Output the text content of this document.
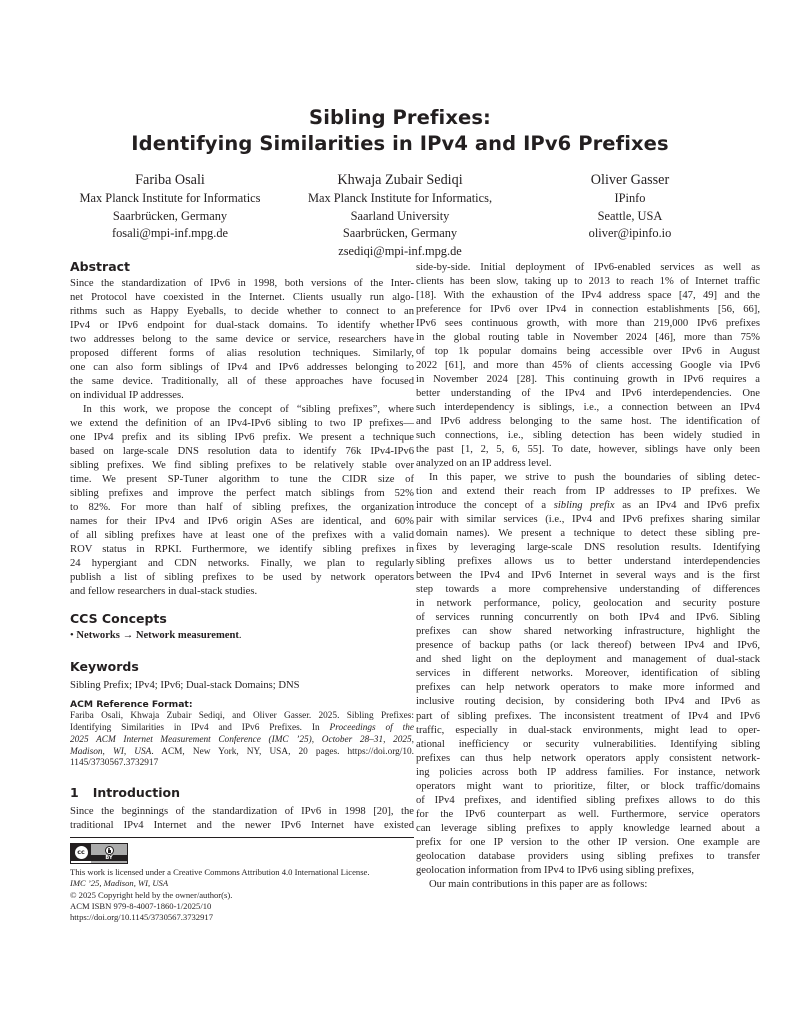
Sibling Prefixes:
Identifying Similarities in IPv4 and IPv6 Prefixes
Fariba Osali
Max Planck Institute for Informatics
Saarbrücken, Germany
fosali@mpi-inf.mpg.de
Khwaja Zubair Sediqi
Max Planck Institute for Informatics,
Saarland University
Saarbrücken, Germany
zsediqi@mpi-inf.mpg.de
Oliver Gasser
IPinfo
Seattle, USA
oliver@ipinfo.io
Abstract

Since the standardization of IPv6 in 1998, both versions of the Inter-
net Protocol have coexisted in the Internet. Clients usually run algo-
rithms such as Happy Eyeballs, to decide whether to connect to an
IPv4 or IPv6 endpoint for dual-stack domains. To identify whether
two addresses belong to the same device or service, researchers have
proposed different forms of alias resolution techniques. Similarly,
one can also form siblings of IPv4 and IPv6 addresses belonging to
the same device. Traditionally, all of these approaches have focused
on individual IP addresses.

In this work, we propose the concept of “sibling prefixes”, where
we extend the definition of an IPv4-IPv6 sibling to two IP prefixes—
one IPv4 prefix and its sibling IPv6 prefix. We present a technique
based on large-scale DNS resolution data to identify 76k IPv4-IPv6
sibling prefixes. We find sibling prefixes to be relatively stable over
time. We present SP-Tuner algorithm to tune the CIDR size of
sibling prefixes and improve the perfect match siblings from 52%
to 82%. For more than half of sibling prefixes, the organization
names for their IPv4 and IPv6 origin ASes are identical, and 60%
of all sibling prefixes have at least one of the prefixes with a valid
ROV status in RPKI. Furthermore, we identify sibling prefixes in
24 hypergiant and CDN networks. Finally, we plan to regularly
publish a list of sibling prefixes to be used by network operators
and fellow researchers in dual-stack studies.

CCS Concepts

• Networks → Network measurement.

Keywords

Sibling Prefix; IPv4; IPv6; Dual-stack Domains; DNS

ACM Reference Format:

Fariba Osali, Khwaja Zubair Sediqi, and Oliver Gasser. 2025. Sibling Prefixes:
Identifying Similarities in IPv4 and IPv6 Prefixes. In Proceedings of the
2025 ACM Internet Measurement Conference (IMC ’25), October 28–31, 2025,
Madison, WI, USA. ACM, New York, NY, USA, 20 pages. https://doi.org/10.
1145/3730567.3732917

1 Introduction

Since the beginnings of the standardization of IPv6 in 1998 [20], the
traditional IPv4 Internet and the newer IPv6 Internet have existed

cc
BY

This work is licensed under a Creative Commons Attribution 4.0 International License.
IMC ’25, Madison, WI, USA
© 2025 Copyright held by the owner/author(s).
ACM ISBN 979-8-4007-1860-1/2025/10
https://doi.org/10.1145/3730567.3732917

side-by-side. Initial deployment of IPv6-enabled services as well as
clients has been slow, taking up to 2013 to reach 1% of Internet traffic
[18]. With the exhaustion of the IPv4 address space [47, 49] and the
preference for IPv6 over IPv4 in connection establishments [56, 66],
IPv6 sees continuous growth, with more than 219,000 IPv6 prefixes
in the global routing table in November 2024 [46], more than 75%
of top 1k popular domains being accessible over IPv6 in August
2022 [61], and more than 45% of clients accessing Google via IPv6
in November 2024 [28]. This continuing growth in IPv6 requires a
better understanding of the IPv4 and IPv6 interdependencies. One
such interdependency is siblings, i.e., a connection between an IPv4
and IPv6 address belonging to the same host. The identification of
such connections, i.e., sibling detection has been widely studied in
the past [1, 2, 5, 6, 55]. To date, however, siblings have only been
analyzed on an IP address level.

In this paper, we strive to push the boundaries of sibling detec-
tion and extend their reach from IP addresses to IP prefixes. We
introduce the concept of a sibling prefix as an IPv4 and IPv6 prefix
pair with similar services (i.e., IPv4 and IPv6 prefixes sharing similar
domain names). We present a technique to detect these sibling pre-
fixes by leveraging large-scale DNS resolution results. Identifying
sibling prefixes allows us to better understand interdependencies
between the IPv4 and IPv6 Internet in several ways and is the first
step towards a more comprehensive understanding of differences
in network performance, policy, geolocation and security posture
of services running concurrently on both IPv4 and IPv6. Sibling
prefixes can show shared networking infrastructure, highlight the
presence of backup paths (or lack thereof) between IPv4 and IPv6,
and shed light on the deployment and management of dual-stack
services in different networks. Moreover, identification of sibling
prefixes can help network operators to make more informed and
inclusive routing decision, by considering both IPv4 and IPv6 as
part of sibling prefixes. The inconsistent treatment of IPv4 and IPv6
traffic, especially in dual-stack environments, might lead to oper-
ational inefficiency or security vulnerabilities. Identifying sibling
prefixes can thus help network operators apply consistent network-
ing policies across both IP address families. For instance, network
operators might want to prioritize, filter, or block traffic/domains
of IPv4 prefixes, and identified sibling prefixes allows to do this
for the IPv6 counterpart as well. Furthermore, service operators
can leverage sibling prefixes to apply knowledge learned about a
prefix for one IP version to the other IP version. One example are
geolocation database providers using sibling prefixes to transfer
geolocation information from IPv4 to IPv6 using sibling prefixes,

Our main contributions in this paper are as follows:
